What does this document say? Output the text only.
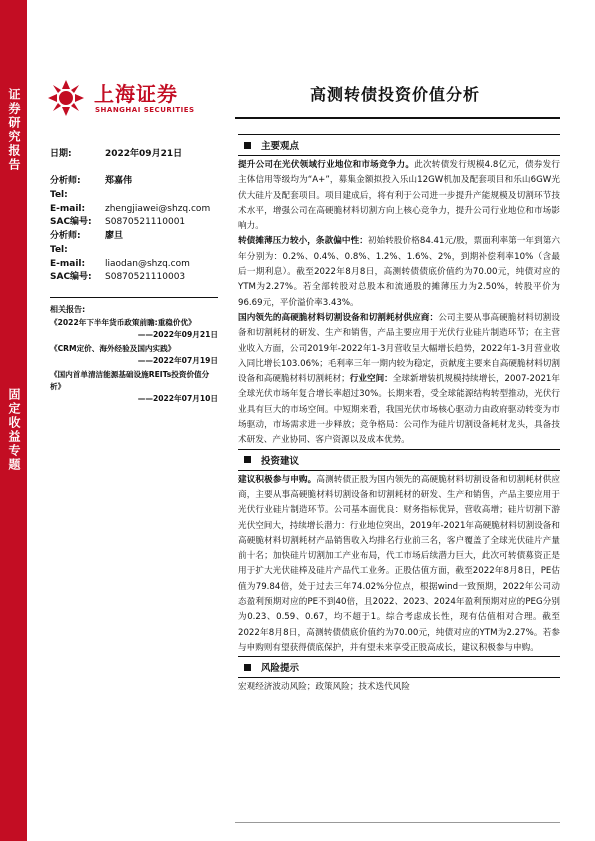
证券研究报告
固定收益专题
上海证券
SHANGHAI SECURITIES
高测转债投资价值分析
日期:	2022年09月21日
分析师:	郑嘉伟
Tel:
E-mail:	zhengjiawei@shzq.com
SAC编号:	S0870521110001
分析师:	廖旦
Tel:
E-mail:	liaodan@shzq.com
SAC编号:	S0870521110003
相关报告:
《2022年下半年货币政策前瞻:重稳价优》
——2022年09月21日
《CRM定价、海外经验及国内实践》
——2022年07月19日
《国内首单清洁能源基础设施REITs投资价值分析》
——2022年07月10日
主要观点

提升公司在光伏领域行业地位和市场竞争力。此次转债发行规模4.8亿元，债券发行主体信用等级均为“A+”，募集金额拟投入乐山12GW机加及配套项目和乐山6GW光伏大硅片及配套项目。项目建成后，将有利于公司进一步提升产能规模及切割环节技术水平，增强公司在高硬脆材料切割方向上核心竞争力，提升公司行业地位和市场影响力。

转债摊薄压力较小，条款偏中性：初始转股价格84.41元/股，票面利率第一年到第六年分别为：0.2%、0.4%、0.8%、1.2%、1.6%、2%，到期补偿利率10%（含最后一期利息）。截至2022年8月8日，高测转债债底价值约为70.00元，纯债对应的YTM为2.27%。若全部转股对总股本和流通股的摊薄压力为2.50%，转股平价为96.69元，平价溢价率3.43%。

国内领先的高硬脆材料切割设备和切割耗材供应商：公司主要从事高硬脆材料切割设备和切割耗材的研发、生产和销售，产品主要应用于光伏行业硅片制造环节；在主营业收入方面，公司2019年-2022年1-3月营收呈大幅增长趋势，2022年1-3月营业收入同比增长103.06%；毛利率三年一期内较为稳定，贡献度主要来自高硬脆材料切割设备和高硬脆材料切割耗材；行业空间：全球新增装机规模持续增长，2007-2021年全球光伏市场年复合增长率超过30%。长期来看，受全球能源结构转型推动，光伏行业具有巨大的市场空间。中短期来看，我国光伏市场核心驱动力由政府驱动转变为市场驱动，市场需求进一步释放；竞争格局：公司作为硅片切割设备耗材龙头，具备技术研发、产业协同、客户资源以及成本优势。

投资建议

建议积极参与申购。高测转债正股为国内领先的高硬脆材料切割设备和切割耗材供应商，主要从事高硬脆材料切割设备和切割耗材的研发、生产和销售，产品主要应用于光伏行业硅片制造环节。公司基本面优良：财务指标优异，营收高增；硅片切割下游光伏空间大，持续增长潜力：行业地位突出，2019年-2021年高硬脆材料切割设备和高硬脆材料切割耗材产品销售收入均排名行业前三名，客户覆盖了全球光伏硅片产量前十名；加快硅片切割加工产业布局，代工市场后续潜力巨大，此次可转债募资正是用于扩大光伏硅棒及硅片产品代工业务。正股估值方面，截至2022年8月8日，PE估值为79.84倍，处于过去三年74.02%分位点，根据wind一致预期，2022年公司动态盈利预期对应的PE不到40倍，且2022、2023、2024年盈利预期对应的PEG分别为0.23、0.59、0.67，均不超于1。综合考虑成长性，现有估值相对合理。截至2022年8月8日，高测转债债底价值约为70.00元，纯债对应的YTM为2.27%。若参与申购则有望获得债底保护，并有望未来享受正股高成长，建议积极参与申购。

风险提示

宏观经济波动风险；政策风险；技术迭代风险
